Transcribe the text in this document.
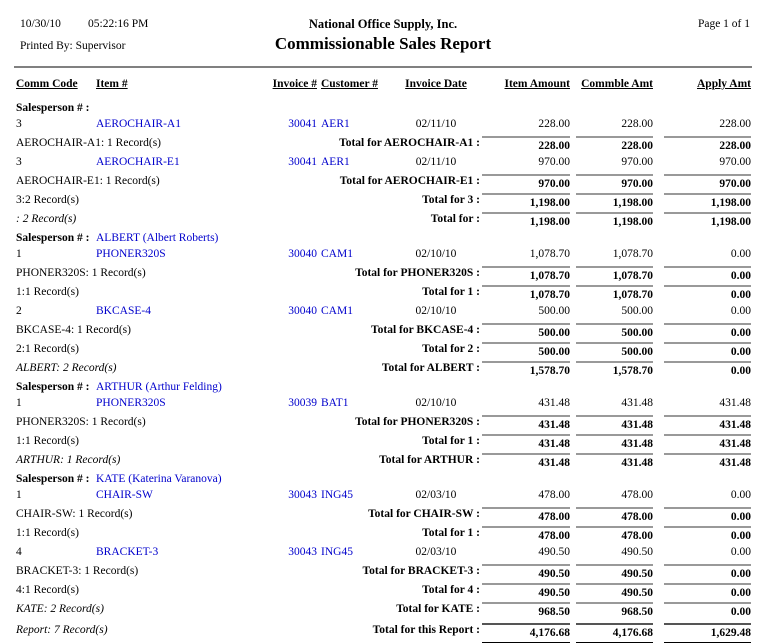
10/30/10 05:22:16 PM	National Office Supply, Inc.	Page 1 of 1
Printed By: Supervisor	Commissionable Sales Report
Comm Code Item #	Invoice # Customer #	Invoice Date	Item Amount Commble Amt	Apply Amt
Salesperson # :
3	AEROCHAIR-A1	30041 AER1	02/11/10	228.00	228.00	228.00
AEROCHAIR-A1: 1 Record(s)	Total for AEROCHAIR-A1 :	228.00	228.00	228.00
3	AEROCHAIR-E1	30041 AER1	02/11/10	970.00	970.00	970.00
AEROCHAIR-E1: 1 Record(s)	Total for AEROCHAIR-E1 :	970.00	970.00	970.00
3:2 Record(s)	Total for 3 :	1,198.00	1,198.00	1,198.00
: 2 Record(s)	Total for :	1,198.00	1,198.00	1,198.00
Salesperson # : ALBERT (Albert Roberts)
1	PHONER320S	30040 CAM1	02/10/10	1,078.70	1,078.70	0.00
PHONER320S: 1 Record(s)	Total for PHONER320S :	1,078.70	1,078.70	0.00
1:1 Record(s)	Total for 1 :	1,078.70	1,078.70	0.00
2	BKCASE-4	30040 CAM1	02/10/10	500.00	500.00	0.00
BKCASE-4: 1 Record(s)	Total for BKCASE-4 :	500.00	500.00	0.00
2:1 Record(s)	Total for 2 :	500.00	500.00	0.00
ALBERT: 2 Record(s)	Total for ALBERT :	1,578.70	1,578.70	0.00
Salesperson # : ARTHUR (Arthur Felding)
1	PHONER320S	30039 BAT1	02/10/10	431.48	431.48	431.48
PHONER320S: 1 Record(s)	Total for PHONER320S :	431.48	431.48	431.48
1:1 Record(s)	Total for 1 :	431.48	431.48	431.48
ARTHUR: 1 Record(s)	Total for ARTHUR :	431.48	431.48	431.48
Salesperson # : KATE (Katerina Varanova)
1	CHAIR-SW	30043 ING45	02/03/10	478.00	478.00	0.00
CHAIR-SW: 1 Record(s)	Total for CHAIR-SW :	478.00	478.00	0.00
1:1 Record(s)	Total for 1 :	478.00	478.00	0.00
4	BRACKET-3	30043 ING45	02/03/10	490.50	490.50	0.00
BRACKET-3: 1 Record(s)	Total for BRACKET-3 :	490.50	490.50	0.00
4:1 Record(s)	Total for 4 :	490.50	490.50	0.00
KATE: 2 Record(s)	Total for KATE :	968.50	968.50	0.00
Report: 7 Record(s)	Total for this Report :	4,176.68	4,176.68	1,629.48
